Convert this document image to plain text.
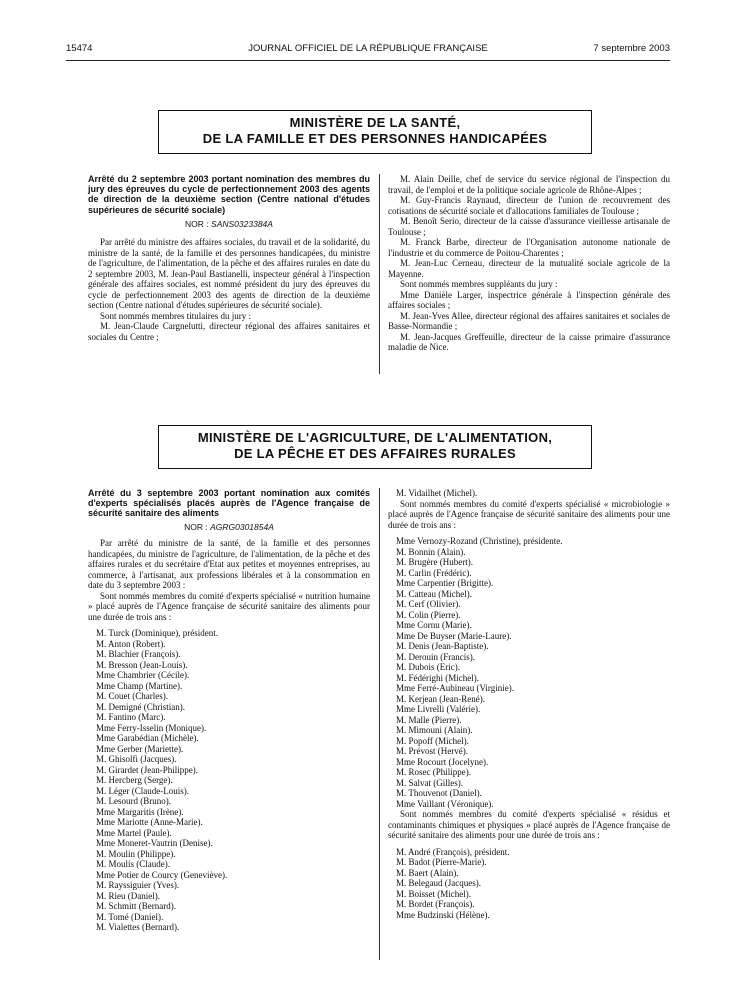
15474	JOURNAL OFFICIEL DE LA RÉPUBLIQUE FRANÇAISE	7 septembre 2003
MINISTÈRE DE LA SANTÉ,
DE LA FAMILLE ET DES PERSONNES HANDICAPÉES

Arrêté du 2 septembre 2003 portant nomination des membres du jury des épreuves du cycle de perfectionnement 2003 des agents de direction de la deuxième section (Centre national d'études supérieures de sécurité sociale)

NOR : SANS0323384A

Par arrêté du ministre des affaires sociales, du travail et de la solidarité, du ministre de la santé, de la famille et des personnes handicapées, du ministre de l'agriculture, de l'alimentation, de la pêche et des affaires rurales en date du 2 septembre 2003, M. Jean-Paul Bastianelli, inspecteur général à l'inspection générale des affaires sociales, est nommé président du jury des épreuves du cycle de perfectionnement 2003 des agents de direction de la deuxième section (Centre national d'études supérieures de sécurité sociale).

Sont nommés membres titulaires du jury :

M. Jean-Claude Cargnelutti, directeur régional des affaires sanitaires et sociales du Centre ;

M. Alain Deille, chef de service du service régional de l'inspection du travail, de l'emploi et de la politique sociale agricole de Rhône-Alpes ;

M. Guy-Francis Raynaud, directeur de l'union de recouvrement des cotisations de sécurité sociale et d'allocations familiales de Toulouse ;

M. Benoît Serio, directeur de la caisse d'assurance vieillesse artisanale de Toulouse ;

M. Franck Barbe, directeur de l'Organisation autonome nationale de l'industrie et du commerce de Poitou-Charentes ;

M. Jean-Luc Cerneau, directeur de la mutualité sociale agricole de la Mayenne.

Sont nommés membres suppléants du jury :

Mme Danièle Larger, inspectrice générale à l'inspection générale des affaires sociales ;

M. Jean-Yves Allee, directeur régional des affaires sanitaires et sociales de Basse-Normandie ;

M. Jean-Jacques Greffeuille, directeur de la caisse primaire d'assurance maladie de Nice.

MINISTÈRE DE L'AGRICULTURE, DE L'ALIMENTATION,
DE LA PÊCHE ET DES AFFAIRES RURALES

Arrêté du 3 septembre 2003 portant nomination aux comités d'experts spécialisés placés auprès de l'Agence française de sécurité sanitaire des aliments

NOR : AGRG0301854A

Par arrêté du ministre de la santé, de la famille et des personnes handicapées, du ministre de l'agriculture, de l'alimentation, de la pêche et des affaires rurales et du secrétaire d'Etat aux petites et moyennes entreprises, au commerce, à l'artisanat, aux professions libérales et à la consommation en date du 3 septembre 2003 :

Sont nommés membres du comité d'experts spécialisé « nutrition humaine » placé auprès de l'Agence française de sécurité sanitaire des aliments pour une durée de trois ans :

M. Turck (Dominique), président.
M. Anton (Robert).
M. Blachier (François).
M. Bresson (Jean-Louis).
Mme Chambrier (Cécile).
Mme Champ (Martine).
M. Couet (Charles).
M. Demigné (Christian).
M. Fantino (Marc).
Mme Ferry-Isselin (Monique).
Mme Garabédian (Michèle).
Mme Gerber (Mariette).
M. Ghisolfi (Jacques).
M. Girardet (Jean-Philippe).
M. Hercberg (Serge).
M. Léger (Claude-Louis).
M. Lesourd (Bruno).
Mme Margaritis (Irène).
Mme Mariotte (Anne-Marie).
Mme Martel (Paule).
Mme Moneret-Vautrin (Denise).
M. Moulin (Philippe).
M. Moulis (Claude).
Mme Potier de Courcy (Geneviève).
M. Rayssiguier (Yves).
M. Rieu (Daniel).
M. Schmitt (Bernard).
M. Tomé (Daniel).
M. Vialettes (Bernard).
M. Vidailhet (Michel).

Sont nommés membres du comité d'experts spécialisé « microbiologie » placé auprès de l'Agence française de sécurité sanitaire des aliments pour une durée de trois ans :

Mme Vernozy-Rozand (Christine), présidente.
M. Bonnin (Alain).
M. Brugère (Hubert).
M. Carlin (Frédéric).
Mme Carpentier (Brigitte).
M. Catteau (Michel).
M. Cerf (Olivier).
M. Colin (Pierre).
Mme Cornu (Marie).
Mme De Buyser (Marie-Laure).
M. Denis (Jean-Baptiste).
M. Derouin (Francis).
M. Dubois (Eric).
M. Fédérighi (Michel).
Mme Ferré-Aubineau (Virginie).
M. Kerjean (Jean-René).
Mme Livrelli (Valérie).
M. Malle (Pierre).
M. Mimouni (Alain).
M. Popoff (Michel).
M. Prévost (Hervé).
Mme Rocourt (Jocelyne).
M. Rosec (Philippe).
M. Salvat (Gilles).
M. Thouvenot (Daniel).
Mme Vaillant (Véronique).

Sont nommés membres du comité d'experts spécialisé « résidus et contaminants chimiques et physiques » placé auprès de l'Agence française de sécurité sanitaire des aliments pour une durée de trois ans :

M. André (François), président.
M. Badot (Pierre-Marie).
M. Baert (Alain).
M. Belegaud (Jacques).
M. Boisset (Michel).
M. Bordet (François).
Mme Budzinski (Hélène).
